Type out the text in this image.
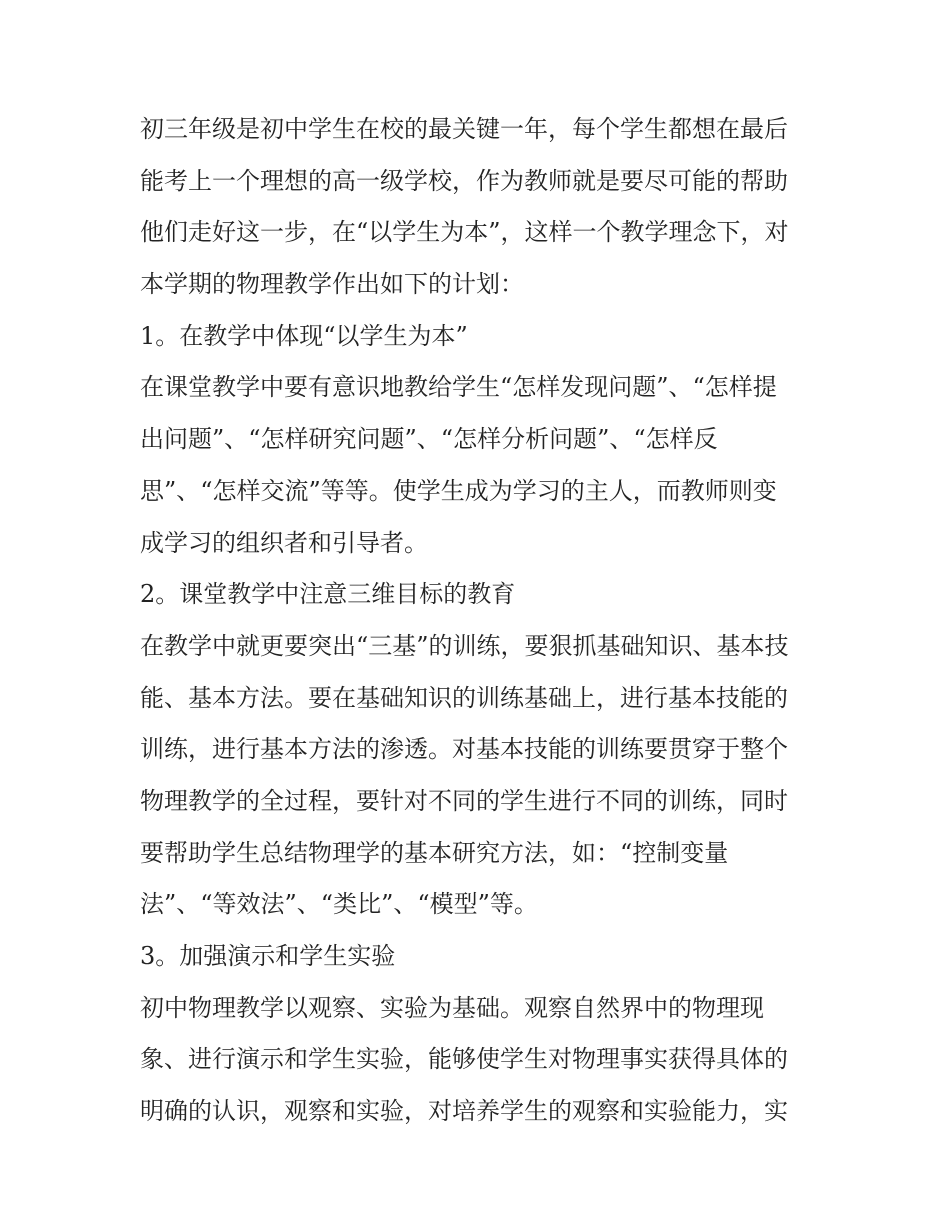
初三年级是初中学生在校的最关键一年，每个学生都想在最后
能考上一个理想的高一级学校，作为教师就是要尽可能的帮助
他们走好这一步，在“以学生为本”，这样一个教学理念下，对
本学期的物理教学作出如下的计划：
1。在教学中体现“以学生为本”
在课堂教学中要有意识地教给学生“怎样发现问题”、“怎样提
出问题”、“怎样研究问题”、“怎样分析问题”、“怎样反
思”、“怎样交流”等等。使学生成为学习的主人，而教师则变
成学习的组织者和引导者。
2。课堂教学中注意三维目标的教育
在教学中就更要突出“三基”的训练，要狠抓基础知识、基本技
能、基本方法。要在基础知识的训练基础上，进行基本技能的
训练，进行基本方法的渗透。对基本技能的训练要贯穿于整个
物理教学的全过程，要针对不同的学生进行不同的训练，同时
要帮助学生总结物理学的基本研究方法，如：“控制变量
法”、“等效法”、“类比”、“模型”等。
3。加强演示和学生实验
初中物理教学以观察、实验为基础。观察自然界中的物理现
象、进行演示和学生实验，能够使学生对物理事实获得具体的
明确的认识，观察和实验，对培养学生的观察和实验能力，实
